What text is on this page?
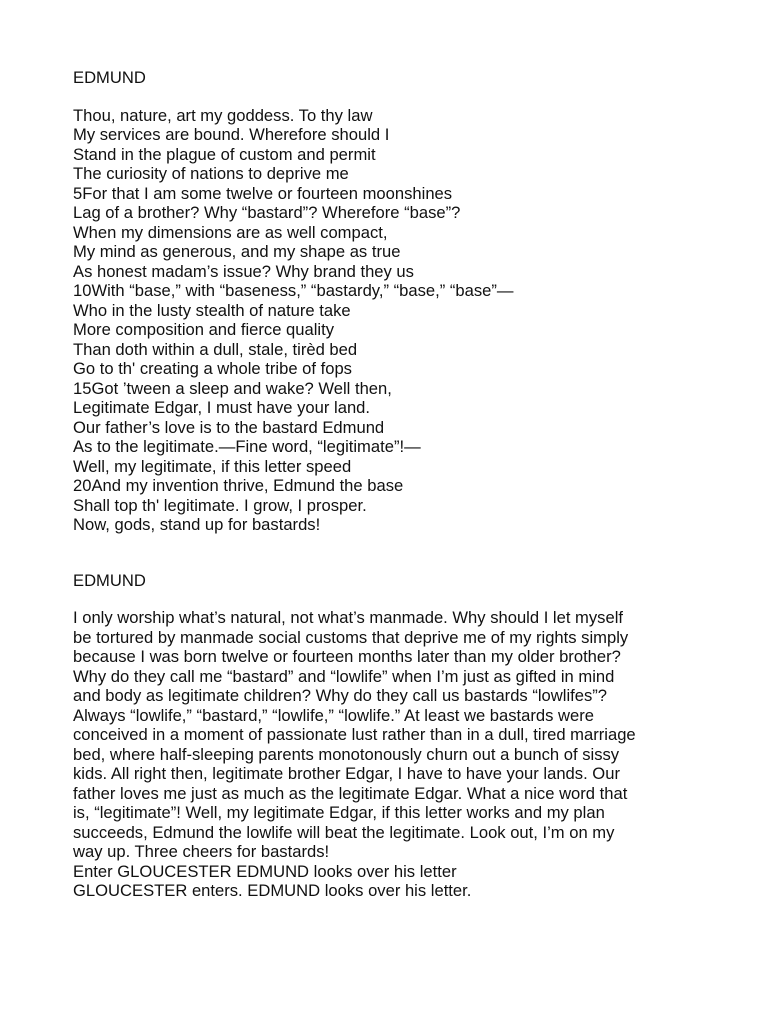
EDMUND

Thou, nature, art my goddess. To thy law
My services are bound. Wherefore should I
Stand in the plague of custom and permit
The curiosity of nations to deprive me
5For that I am some twelve or fourteen moonshines
Lag of a brother? Why “bastard”? Wherefore “base”?
When my dimensions are as well compact,
My mind as generous, and my shape as true
As honest madam’s issue? Why brand they us
10With “base,” with “baseness,” “bastardy,” “base,” “base”—
Who in the lusty stealth of nature take
More composition and fierce quality
Than doth within a dull, stale, tirèd bed
Go to th' creating a whole tribe of fops
15Got ’tween a sleep and wake? Well then,
Legitimate Edgar, I must have your land.
Our father’s love is to the bastard Edmund
As to the legitimate.—Fine word, “legitimate”!—
Well, my legitimate, if this letter speed
20And my invention thrive, Edmund the base
Shall top th' legitimate. I grow, I prosper.
Now, gods, stand up for bastards!

EDMUND

I only worship what’s natural, not what’s manmade. Why should I let myself
be tortured by manmade social customs that deprive me of my rights simply
because I was born twelve or fourteen months later than my older brother?
Why do they call me “bastard” and “lowlife” when I’m just as gifted in mind
and body as legitimate children? Why do they call us bastards “lowlifes”?
Always “lowlife,” “bastard,” “lowlife,” “lowlife.” At least we bastards were
conceived in a moment of passionate lust rather than in a dull, tired marriage
bed, where half-sleeping parents monotonously churn out a bunch of sissy
kids. All right then, legitimate brother Edgar, I have to have your lands. Our
father loves me just as much as the legitimate Edgar. What a nice word that
is, “legitimate”! Well, my legitimate Edgar, if this letter works and my plan
succeeds, Edmund the lowlife will beat the legitimate. Look out, I’m on my
way up. Three cheers for bastards!
Enter GLOUCESTER EDMUND looks over his letter
GLOUCESTER enters. EDMUND looks over his letter.
